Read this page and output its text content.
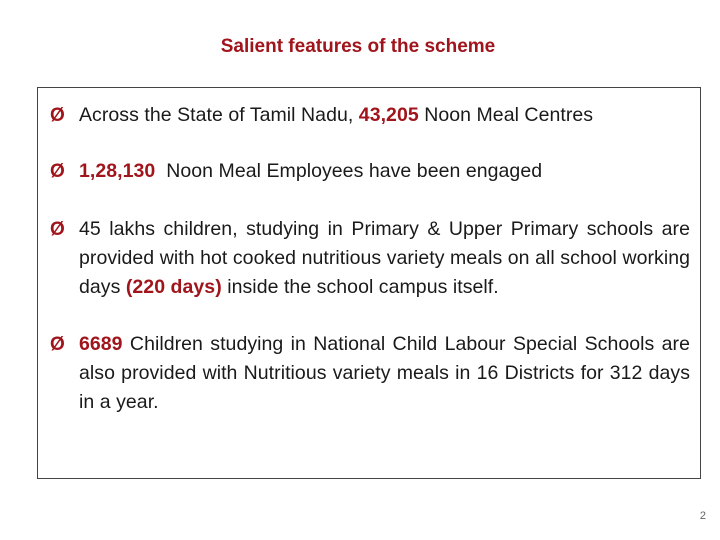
Salient features of the scheme
Ø Across the State of Tamil Nadu, 43,205 Noon Meal Centres
Ø 1,28,130  Noon Meal Employees have been engaged
Ø 45 lakhs children, studying in Primary & Upper Primary schools are provided with hot cooked nutritious variety meals on all school working days (220 days) inside the school campus itself.
Ø 6689 Children studying in National Child Labour Special Schools are also provided with Nutritious variety meals in 16 Districts for 312 days in a year.
2
